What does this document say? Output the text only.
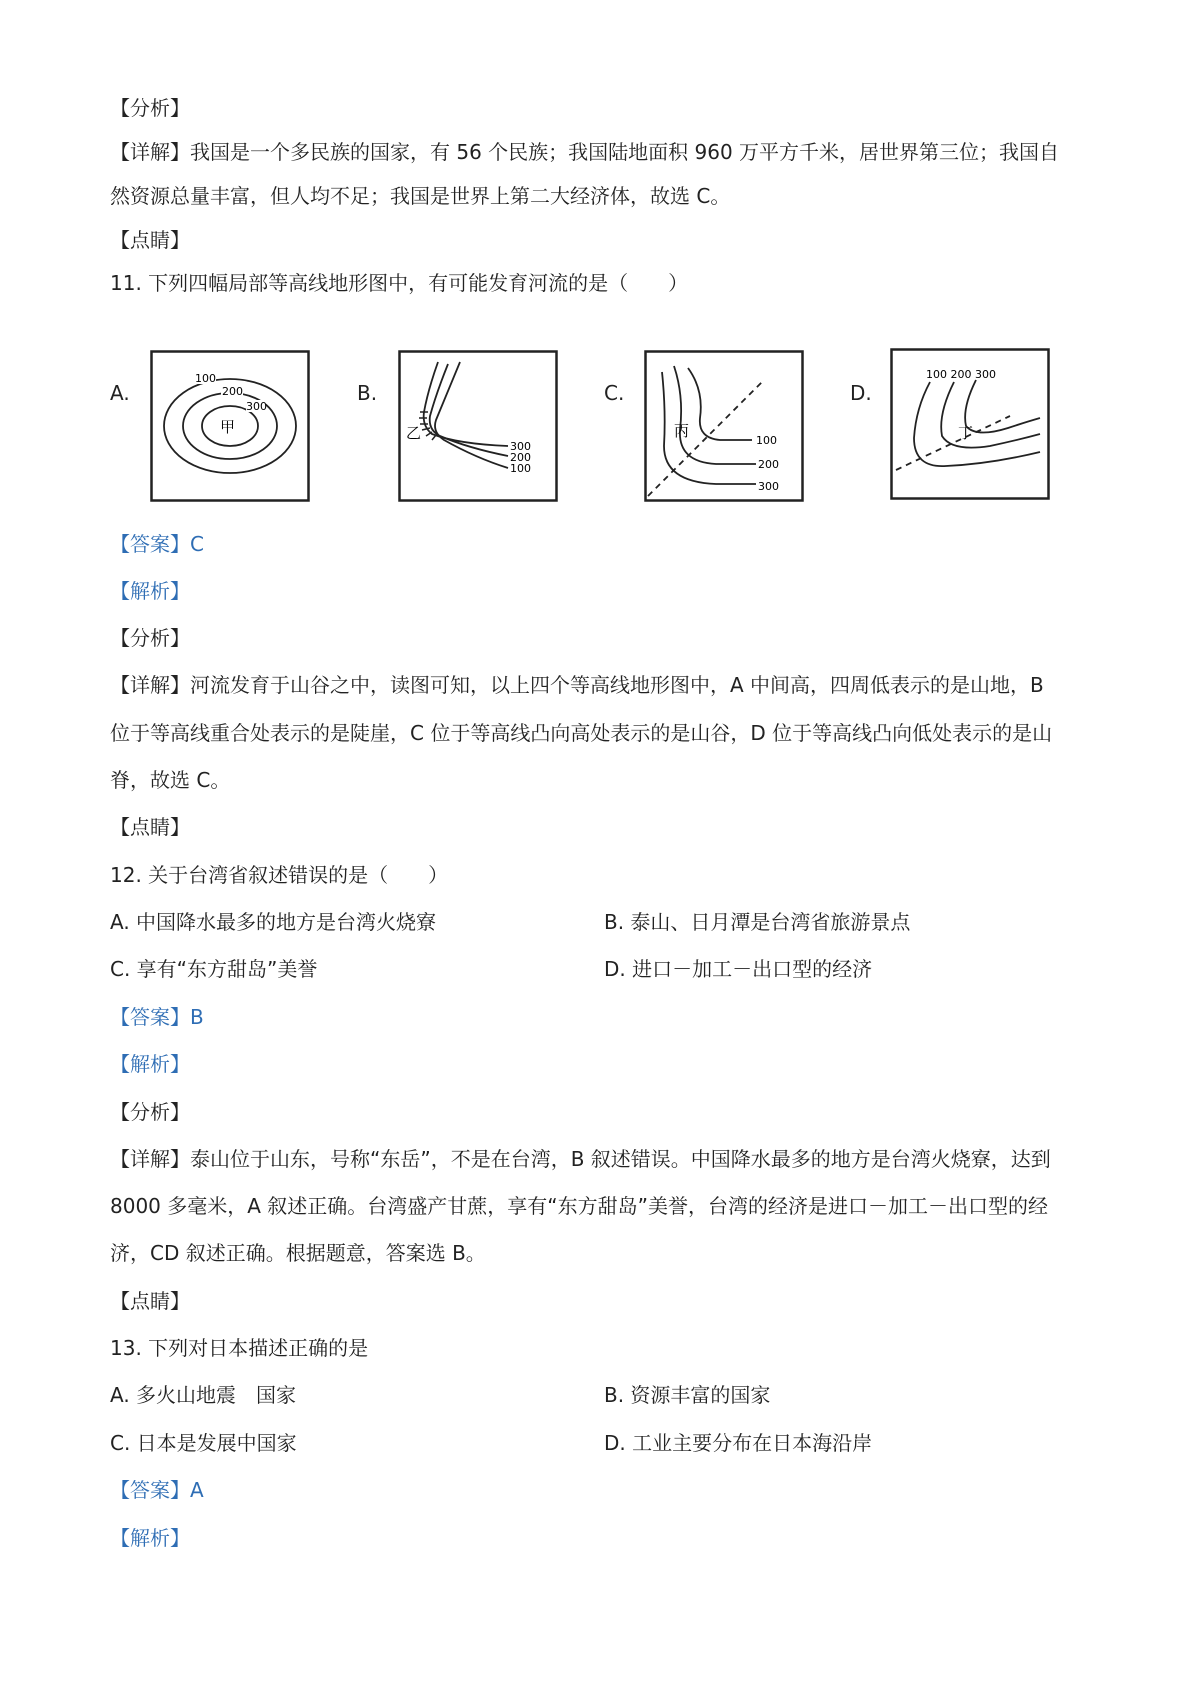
【分析】
【详解】我国是一个多民族的国家，有 56 个民族；我国陆地面积 960 万平方千米，居世界第三位；我国自
然资源总量丰富，但人均不足；我国是世界上第二大经济体，故选 C。
【点睛】
11. 下列四幅局部等高线地形图中，有可能发育河流的是（　　）
A.	B.	C.	D.
100
200
300
甲
300
200
100
乙	100
200
300
丙
100 200 300
丁
【答案】C
【解析】
【分析】
【详解】河流发育于山谷之中，读图可知，以上四个等高线地形图中，A 中间高，四周低表示的是山地，B
位于等高线重合处表示的是陡崖，C 位于等高线凸向高处表示的是山谷，D 位于等高线凸向低处表示的是山
脊，故选 C。
【点睛】
12. 关于台湾省叙述错误的是（　　）
A. 中国降水最多的地方是台湾火烧寮	B. 泰山、日月潭是台湾省旅游景点
C. 享有“东方甜岛”美誉	D. 进口－加工－出口型的经济
【答案】B
【解析】
【分析】
【详解】泰山位于山东，号称“东岳”，不是在台湾，B 叙述错误。中国降水最多的地方是台湾火烧寮，达到
8000 多毫米，A 叙述正确。台湾盛产甘蔗，享有“东方甜岛”美誉，台湾的经济是进口－加工－出口型的经
济，CD 叙述正确。根据题意，答案选 B。
【点睛】
13. 下列对日本描述正确的是
A. 多火山地震　国家	B. 资源丰富的国家
C. 日本是发展中国家	D. 工业主要分布在日本海沿岸
【答案】A
【解析】
